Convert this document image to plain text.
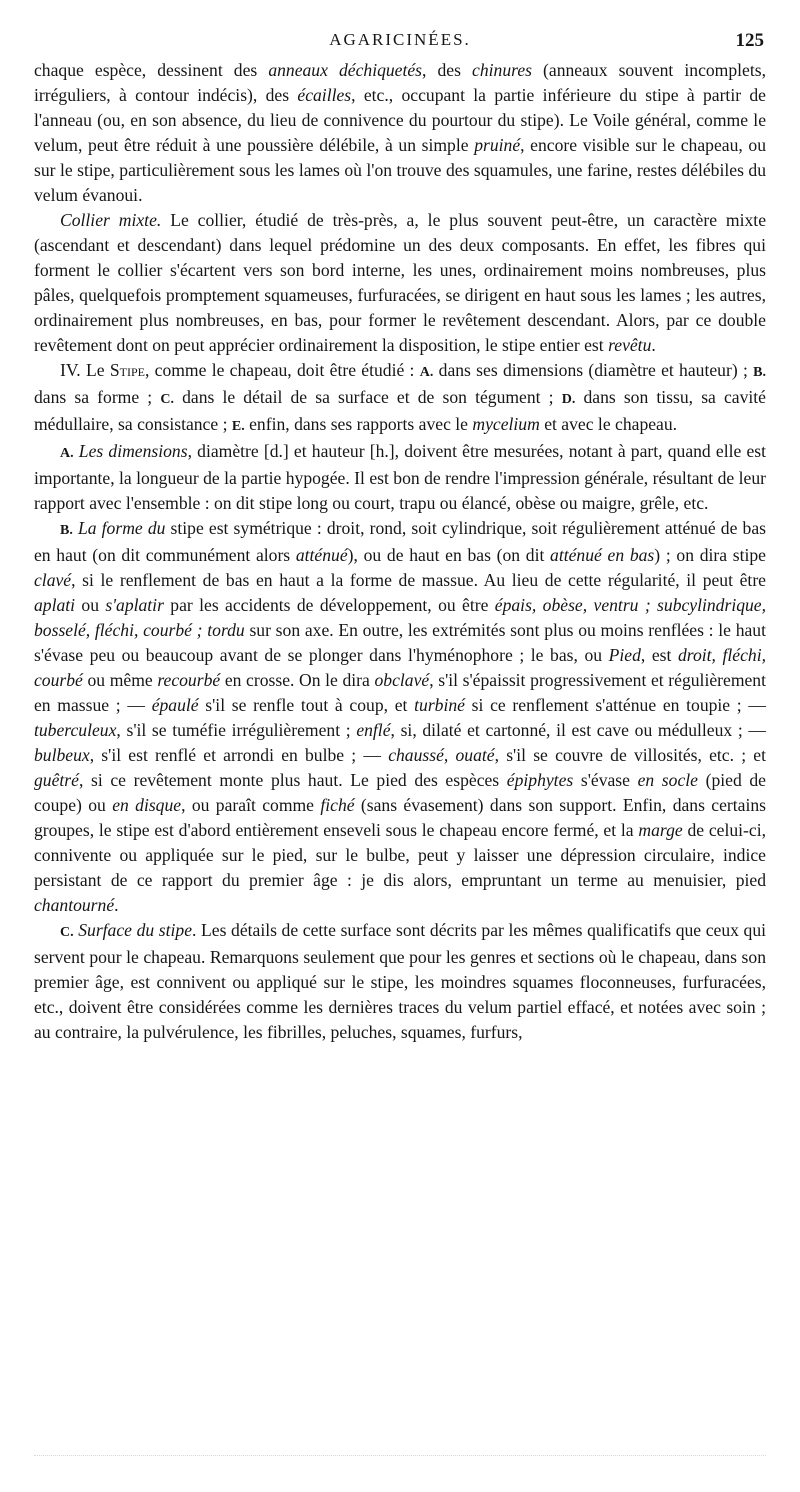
AGARICINÉES.	125

chaque espèce, dessinent des anneaux déchiquetés, des chinures (anneaux souvent incomplets, irréguliers, à contour indécis), des écailles, etc., occupant la partie inférieure du stipe à partir de l'anneau (ou, en son absence, du lieu de connivence du pourtour du stipe). Le Voile général, comme le velum, peut être réduit à une poussière délébile, à un simple pruiné, encore visible sur le chapeau, ou sur le stipe, particulièrement sous les lames où l'on trouve des squamules, une farine, restes délébiles du velum évanoui.

Collier mixte. Le collier, étudié de très-près, a, le plus souvent peut-être, un caractère mixte (ascendant et descendant) dans lequel prédomine un des deux composants. En effet, les fibres qui forment le collier s'écartent vers son bord interne, les unes, ordinairement moins nombreuses, plus pâles, quelquefois promptement squameuses, furfuracées, se dirigent en haut sous les lames ; les autres, ordinairement plus nombreuses, en bas, pour former le revêtement descendant. Alors, par ce double revêtement dont on peut apprécier ordinairement la disposition, le stipe entier est revêtu.

IV. Le Stipe, comme le chapeau, doit être étudié : A. dans ses dimensions (diamètre et hauteur) ; B. dans sa forme ; C. dans le détail de sa surface et de son tégument ; D. dans son tissu, sa cavité médullaire, sa consistance ; E. enfin, dans ses rapports avec le mycelium et avec le chapeau.

A. Les dimensions, diamètre [d.] et hauteur [h.], doivent être mesurées, notant à part, quand elle est importante, la longueur de la partie hypogée. Il est bon de rendre l'impression générale, résultant de leur rapport avec l'ensemble : on dit stipe long ou court, trapu ou élancé, obèse ou maigre, grêle, etc.

B. La forme du stipe est symétrique : droit, rond, soit cylindrique, soit régulièrement atténué de bas en haut (on dit communément alors atténué), ou de haut en bas (on dit atténué en bas) ; on dira stipe clavé, si le renflement de bas en haut a la forme de massue. Au lieu de cette régularité, il peut être aplati ou s'aplatir par les accidents de développement, ou être épais, obèse, ventru ; subcylindrique, bosselé, fléchi, courbé ; tordu sur son axe. En outre, les extrémités sont plus ou moins renflées : le haut s'évase peu ou beaucoup avant de se plonger dans l'hyménophore ; le bas, ou Pied, est droit, fléchi, courbé ou même recourbé en crosse. On le dira obclavé, s'il s'épaissit progressivement et régulièrement en massue ; — épaulé s'il se renfle tout à coup, et turbiné si ce renflement s'atténue en toupie ; — tuberculeux, s'il se tuméfie irrégulièrement ; enflé, si, dilaté et cartonné, il est cave ou médulleux ; — bulbeux, s'il est renflé et arrondi en bulbe ; — chaussé, ouaté, s'il se couvre de villosités, etc. ; et guêtré, si ce revêtement monte plus haut. Le pied des espèces épiphytes s'évase en socle (pied de coupe) ou en disque, ou paraît comme fiché (sans évasement) dans son support. Enfin, dans certains groupes, le stipe est d'abord entièrement enseveli sous le chapeau encore fermé, et la marge de celui-ci, connivente ou appliquée sur le pied, sur le bulbe, peut y laisser une dépression circulaire, indice persistant de ce rapport du premier âge : je dis alors, empruntant un terme au menuisier, pied chantourné.

C. Surface du stipe. Les détails de cette surface sont décrits par les mêmes qualificatifs que ceux qui servent pour le chapeau. Remarquons seulement que pour les genres et sections où le chapeau, dans son premier âge, est connivent ou appliqué sur le stipe, les moindres squames floconneuses, furfuracées, etc., doivent être considérées comme les dernières traces du velum partiel effacé, et notées avec soin ; au contraire, la pulvérulence, les fibrilles, peluches, squames, furfurs,
